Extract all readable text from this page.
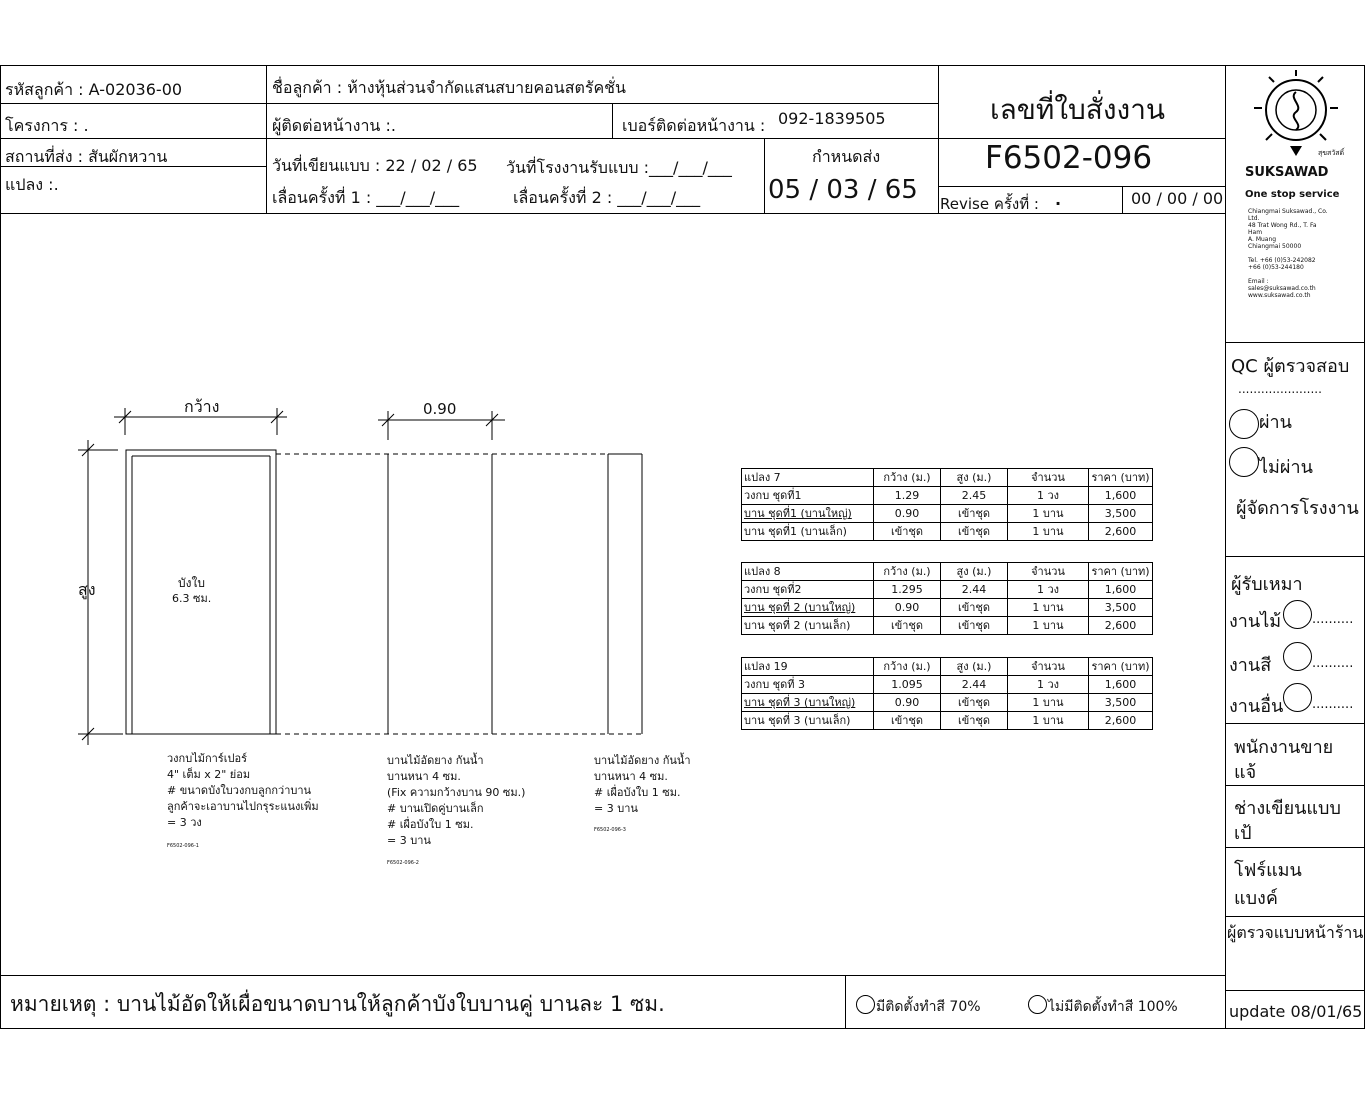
รหัสลูกค้า : A-02036-00	ชื่อลูกค้า : ห้างหุ้นส่วนจำกัดแสนสบายคอนสตรัคชั่น
โครงการ : .	ผู้ติดต่อหน้างาน :.	เบอร์ติดต่อหน้างาน : 092-1839505
สถานที่ส่ง : สันผักหวาน
แปลง :.
วันที่เขียนแบบ : 22 / 02 / 65 วันที่โรงงานรับแบบ :___/___/___
เลื่อนครั้งที่ 1 : ___/___/___	เลื่อนครั้งที่ 2 : ___/___/___
กำหนดส่ง
05 / 03 / 65
เลขที่ใบสั่งงาน
F6502-096
Revise ครั้งที่ : .	00 / 00 / 00
สุขสวัสดิ์
SUKSAWAD
One stop service
Chiangmai Suksawad., Co.
Ltd.
48 Trat Wong Rd., T. Fa
Ham
A. Muang
Chiangmai 50000

Tel. +66 (0)53-242082
+66 (0)53-244180

Email :
sales@suksawad.co.th
www.suksawad.co.th
QC ผู้ตรวจสอบ
......................
ผ่าน
ไม่ผ่าน
ผู้จัดการโรงงาน
ผู้รับเหมา
งานไม้ ..........
งานสี	..........
งานอื่น ..........
พนักงานขาย
แจ้
ช่างเขียนแบบ
เป้
โฟร์แมน
แบงค์
ผู้ตรวจแบบหน้าร้าน
update 08/01/65
หมายเหตุ : บานไม้อัดให้เผื่อขนาดบานให้ลูกค้าบังใบบานคู่ บานละ 1 ซม.	มีติดตั้งทำสี 70%	ไม่มีติดตั้งทำสี 100%
กว้าง	0.90
สูง	บังใบ
6.3 ซม.
วงกบไม้การ์เปอร์
4" เต็ม x 2" ย่อม
# ขนาดบังใบวงกบลูกกว่าบาน
ลูกค้าจะเอาบานไปกรุระแนงเพิ่ม
= 3 วง
F6502-096-1
บานไม้อัดยาง กันน้ำ
บานหนา 4 ซม.
(Fix ความกว้างบาน 90 ซม.)
# บานเปิดคู่บานเล็ก
# เผื่อบังใบ 1 ซม.
= 3 บาน
F6502-096-2
บานไม้อัดยาง กันน้ำ
บานหนา 4 ซม.
# เผื่อบังใบ 1 ซม.
= 3 บาน
F6502-096-3
แปลง 7	กว้าง (ม.)	สูง (ม.)	จำนวน	ราคา (บาท)
วงกบ ชุดที่1	1.29	2.45	1 วง	1,600
บาน ชุดที่1 (บานใหญ่)	0.90	เข้าชุด	1 บาน	3,500
บาน ชุดที่1 (บานเล็ก)	เข้าชุด	เข้าชุด	1 บาน	2,600
แปลง 8	กว้าง (ม.)	สูง (ม.)	จำนวน	ราคา (บาท)
วงกบ ชุดที่2	1.295	2.44	1 วง	1,600
บาน ชุดที่ 2 (บานใหญ่)	0.90	เข้าชุด	1 บาน	3,500
บาน ชุดที่ 2 (บานเล็ก)	เข้าชุด	เข้าชุด	1 บาน	2,600
แปลง 19	กว้าง (ม.)	สูง (ม.)	จำนวน	ราคา (บาท)
วงกบ ชุดที่ 3	1.095	2.44	1 วง	1,600
บาน ชุดที่ 3 (บานใหญ่)	0.90	เข้าชุด	1 บาน	3,500
บาน ชุดที่ 3 (บานเล็ก)	เข้าชุด	เข้าชุด	1 บาน	2,600
